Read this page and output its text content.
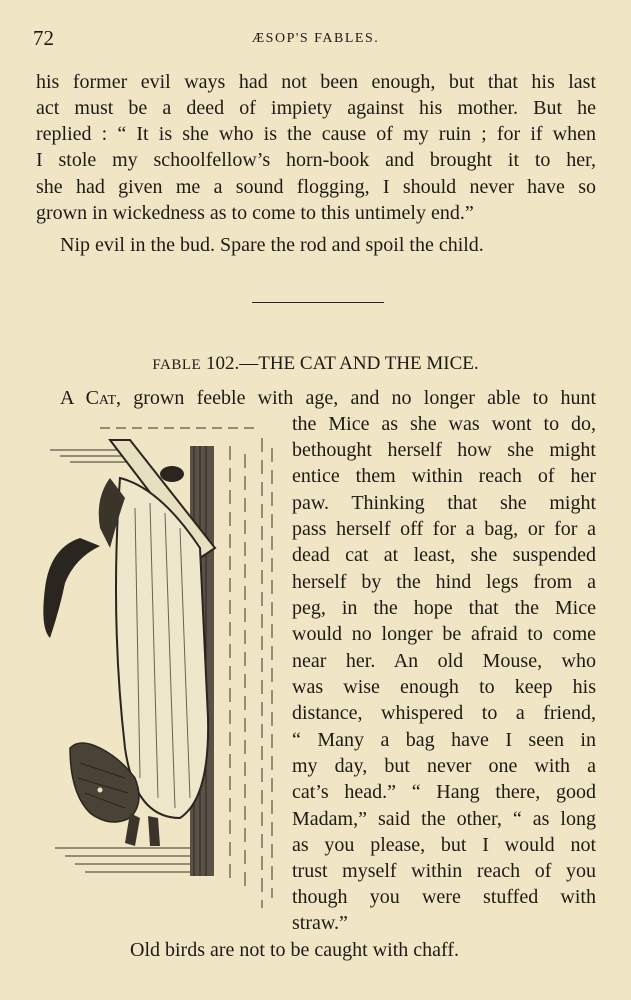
72	ÆSOP'S FABLES.
his former evil ways had not been enough, but that his last
act must be a deed of impiety against his mother. But he
replied : “ It is she who is the cause of my ruin ; for if when
I stole my schoolfellow’s horn-book and brought it to her,
she had given me a sound flogging, I should never have so
grown in wickedness as to come to this untimely end.”
Nip evil in the bud. Spare the rod and spoil the child.
FABLE 102.—THE CAT AND THE MICE.
A Cat, grown feeble with age, and no longer able to hunt
the Mice as she was wont to do,
bethought herself how she might
entice them within reach of her
paw. Thinking that she might
pass herself off for a bag, or for a
dead cat at least, she suspended
herself by the hind legs from a
peg, in the hope that the Mice
would no longer be afraid to come
near her. An old Mouse, who
was wise enough to keep his
distance, whispered to a friend,
“ Many a bag have I seen in
my day, but never one with a
cat’s head.” “ Hang there, good
Madam,” said the other, “ as long
as you please, but I would not
trust myself within reach of you
though you were stuffed with
straw.”
Old birds are not to be caught with chaff.
